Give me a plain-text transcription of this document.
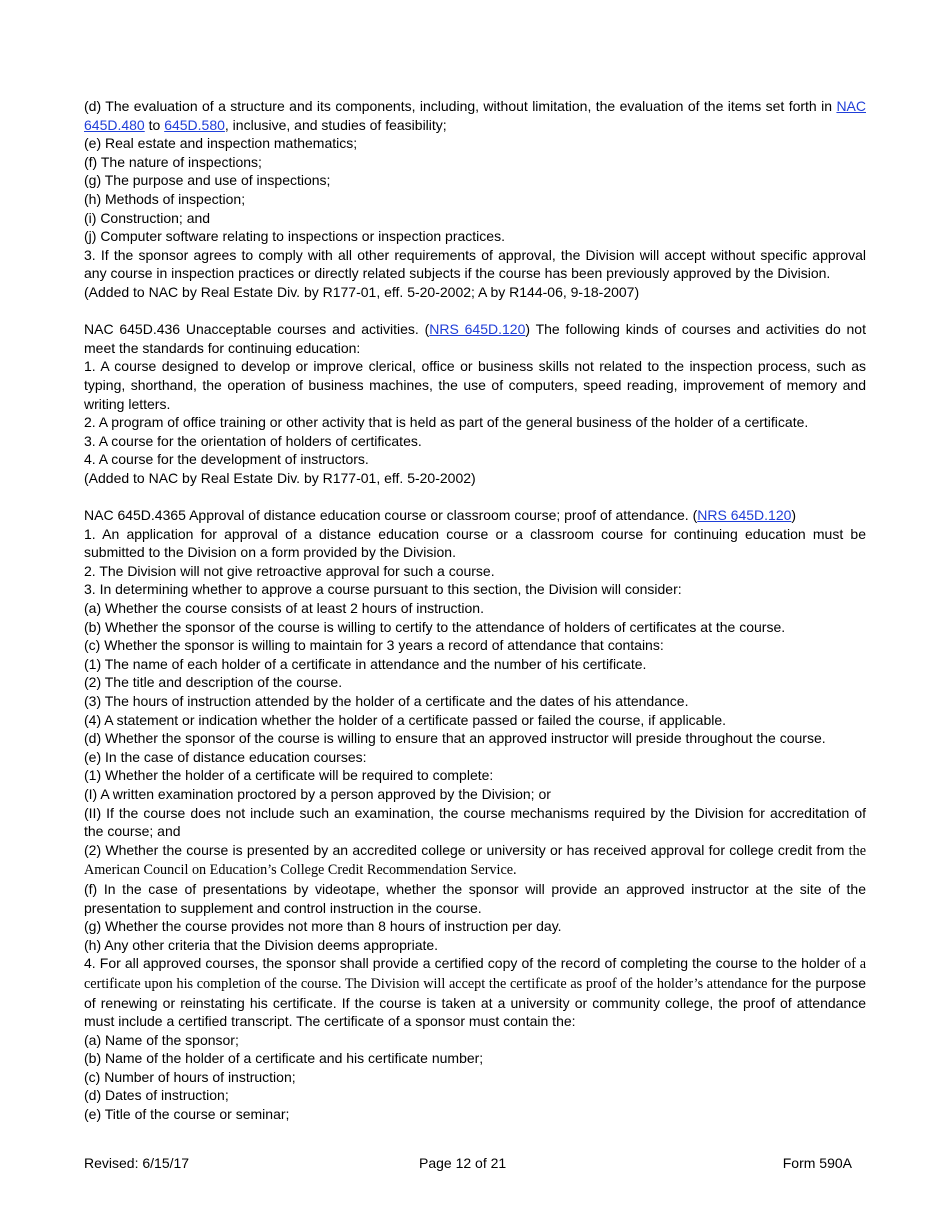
(d) The evaluation of a structure and its components, including, without limitation, the evaluation of the items set forth in NAC 645D.480 to 645D.580, inclusive, and studies of feasibility;

(e) Real estate and inspection mathematics;

(f) The nature of inspections;

(g) The purpose and use of inspections;

(h) Methods of inspection;

(i) Construction; and

(j) Computer software relating to inspections or inspection practices.

3. If the sponsor agrees to comply with all other requirements of approval, the Division will accept without specific approval any course in inspection practices or directly related subjects if the course has been previously approved by the Division.

(Added to NAC by Real Estate Div. by R177-01, eff. 5-20-2002; A by R144-06, 9-18-2007)

NAC 645D.436 Unacceptable courses and activities. (NRS 645D.120) The following kinds of courses and activities do not meet the standards for continuing education:

1. A course designed to develop or improve clerical, office or business skills not related to the inspection process, such as typing, shorthand, the operation of business machines, the use of computers, speed reading, improvement of memory and writing letters.

2. A program of office training or other activity that is held as part of the general business of the holder of a certificate.

3. A course for the orientation of holders of certificates.

4. A course for the development of instructors.

(Added to NAC by Real Estate Div. by R177-01, eff. 5-20-2002)

NAC 645D.4365 Approval of distance education course or classroom course; proof of attendance. (NRS 645D.120)

1. An application for approval of a distance education course or a classroom course for continuing education must be submitted to the Division on a form provided by the Division.

2. The Division will not give retroactive approval for such a course.

3. In determining whether to approve a course pursuant to this section, the Division will consider:

(a) Whether the course consists of at least 2 hours of instruction.

(b) Whether the sponsor of the course is willing to certify to the attendance of holders of certificates at the course.

(c) Whether the sponsor is willing to maintain for 3 years a record of attendance that contains:

(1) The name of each holder of a certificate in attendance and the number of his certificate.

(2) The title and description of the course.

(3) The hours of instruction attended by the holder of a certificate and the dates of his attendance.

(4) A statement or indication whether the holder of a certificate passed or failed the course, if applicable.

(d) Whether the sponsor of the course is willing to ensure that an approved instructor will preside throughout the course.

(e) In the case of distance education courses:

(1) Whether the holder of a certificate will be required to complete:

(I) A written examination proctored by a person approved by the Division; or

(II) If the course does not include such an examination, the course mechanisms required by the Division for accreditation of the course; and

(2) Whether the course is presented by an accredited college or university or has received approval for college credit from the American Council on Education’s College Credit Recommendation Service.

(f) In the case of presentations by videotape, whether the sponsor will provide an approved instructor at the site of the presentation to supplement and control instruction in the course.

(g) Whether the course provides not more than 8 hours of instruction per day.

(h) Any other criteria that the Division deems appropriate.

4. For all approved courses, the sponsor shall provide a certified copy of the record of completing the course to the holder of a certificate upon his completion of the course. The Division will accept the certificate as proof of the holder’s attendance for the purpose of renewing or reinstating his certificate. If the course is taken at a university or community college, the proof of attendance must include a certified transcript. The certificate of a sponsor must contain the:

(a) Name of the sponsor;

(b) Name of the holder of a certificate and his certificate number;

(c) Number of hours of instruction;

(d) Dates of instruction;

(e) Title of the course or seminar;

Revised: 6/15/17	Page 12 of 21	Form 590A
